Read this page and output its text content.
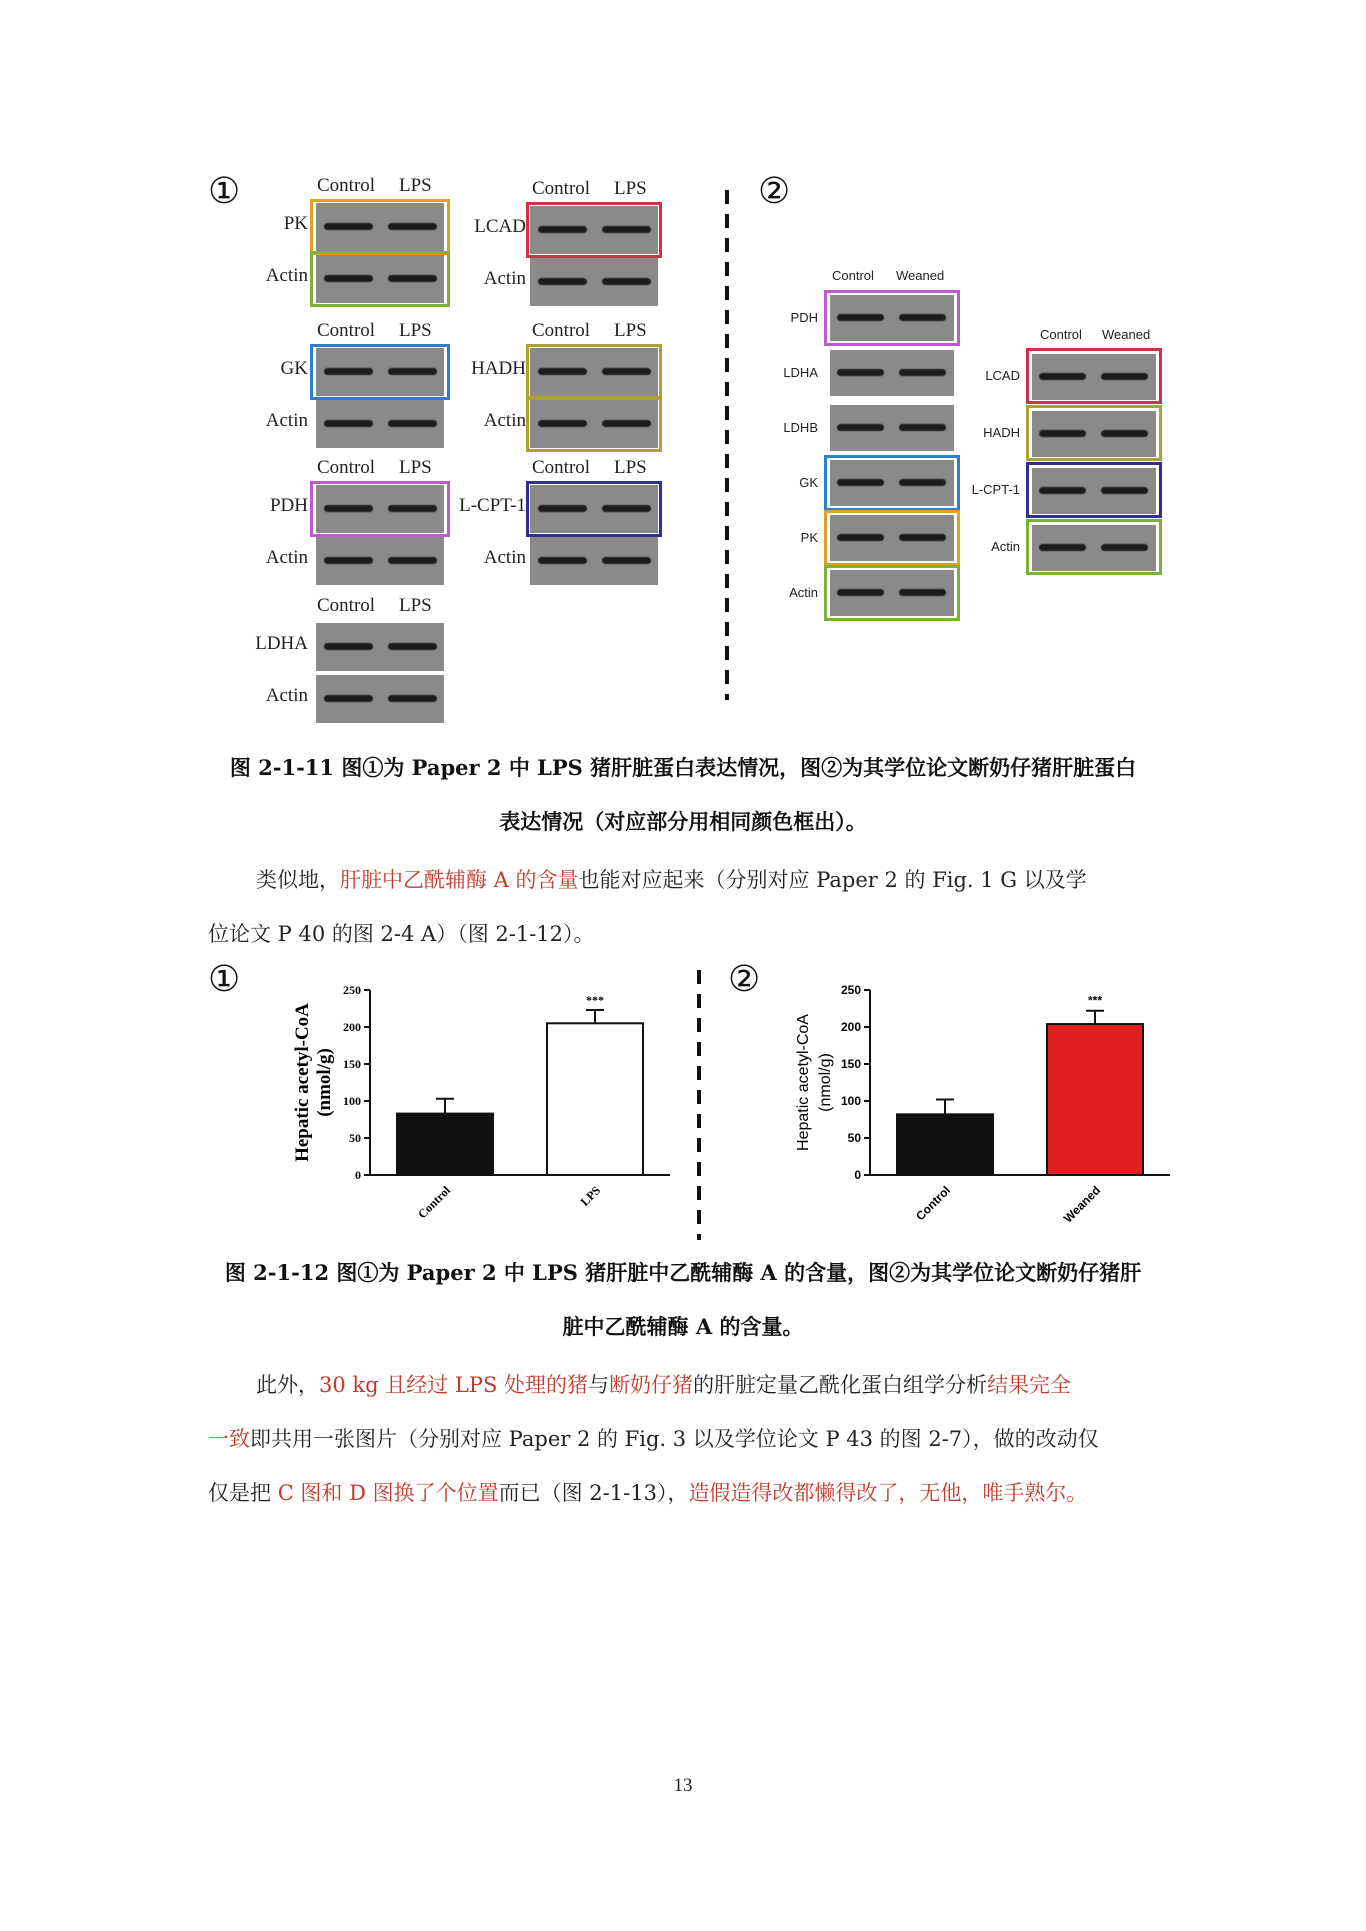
①	②
Control LPS
PK
Actin
Control LPS
GK
Actin
Control LPS
PDH
Actin
Control LPS
LDHA
Actin
Control LPS
LCAD
Actin
Control LPS
HADH
Actin
Control LPS
L-CPT-1
Actin
Control Weaned
PDH
LDHA
LDHB
GK
PK
Actin
Control Weaned
LCAD
HADH
L-CPT-1
Actin
图 2-1-11 图①为 Paper 2 中 LPS 猪肝脏蛋白表达情况，图②为其学位论文断奶仔猪肝脏蛋白
表达情况（对应部分用相同颜色框出）。
类似地，肝脏中乙酰辅酶 A 的含量也能对应起来（分别对应 Paper 2 的 Fig. 1 G 以及学
位论文 P 40 的图 2-4 A）（图 2-1-12）。
①	②
0
50
100
150
200
250
Hepatic acetyl-CoA (nmol/g)
Control
***
LPS
0
50
100
150
200
250
Hepatic acetyl-CoA (nmol/g)
Control
***
Weaned
图 2-1-12 图①为 Paper 2 中 LPS 猪肝脏中乙酰辅酶 A 的含量，图②为其学位论文断奶仔猪肝
脏中乙酰辅酶 A 的含量。
此外，30 kg 且经过 LPS 处理的猪与断奶仔猪的肝脏定量乙酰化蛋白组学分析结果完全
一致即共用一张图片（分别对应 Paper 2 的 Fig. 3 以及学位论文 P 43 的图 2-7），做的改动仅
仅是把 C 图和 D 图换了个位置而已（图 2-1-13），造假造得改都懒得改了，无他，唯手熟尔。
13
